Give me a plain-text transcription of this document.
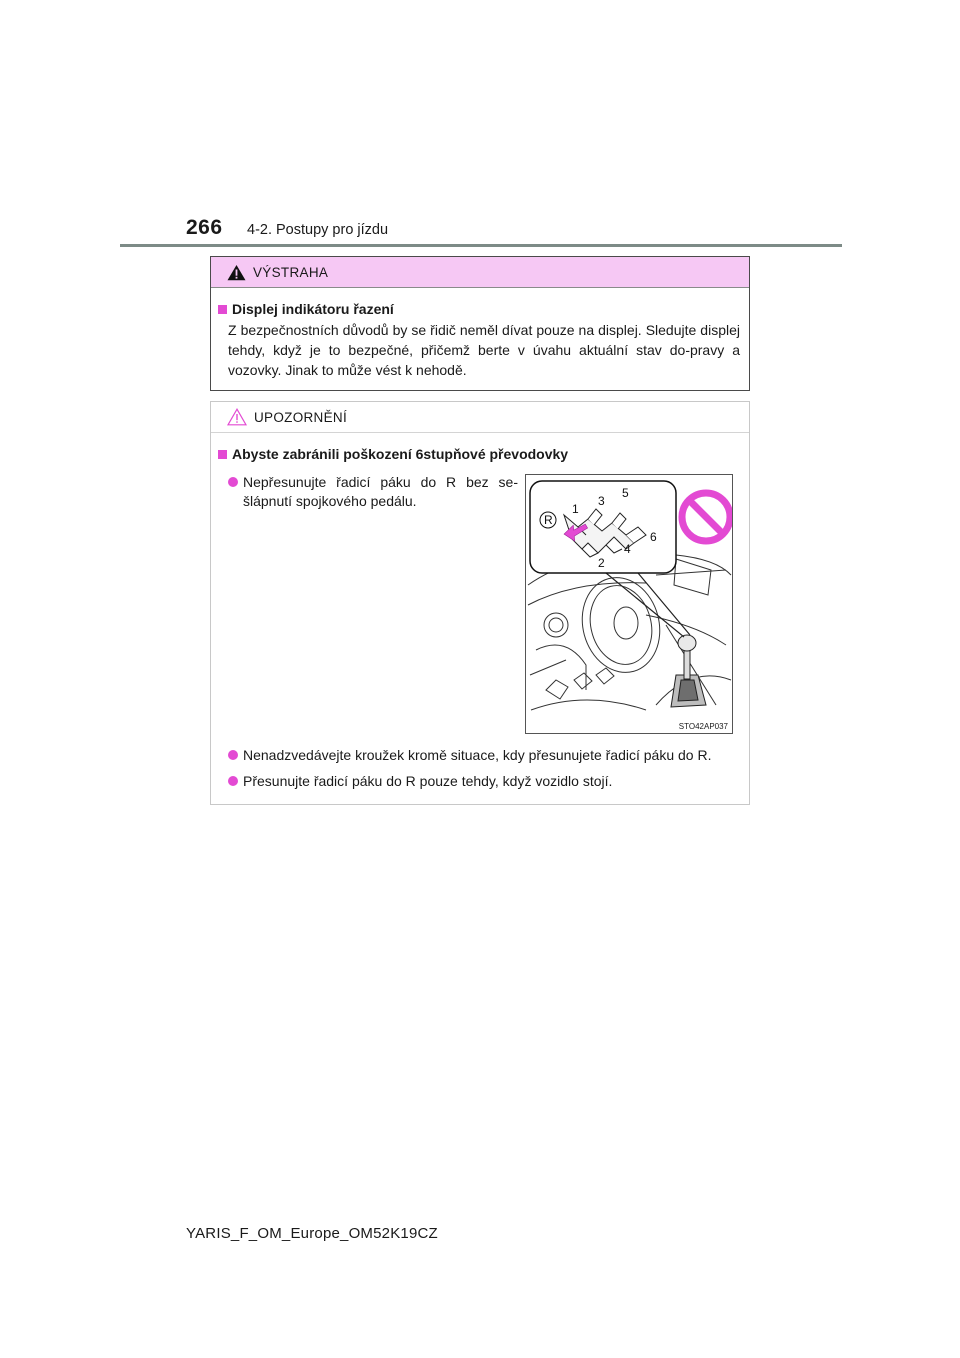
266 4-2. Postupy pro jízdu
VÝSTRAHA
Displej indikátoru řazení
Z bezpečnostních důvodů by se řidič neměl dívat pouze na displej. Sledujte displej tehdy, když je to bezpečné, přičemž berte v úvahu aktuální stav do-pravy a vozovky. Jinak to může vést k nehodě.
UPOZORNĚNÍ
Abyste zabránili poškození 6stupňové převodovky
Nepřesunujte řadicí páku do R bez se-šlápnutí spojkového pedálu.
R
1
2
3
4
5
6
STO42AP037
Nenadzvedávejte kroužek kromě situace, kdy přesunujete řadicí páku do R.
Přesunujte řadicí páku do R pouze tehdy, když vozidlo stojí.
YARIS_F_OM_Europe_OM52K19CZ
